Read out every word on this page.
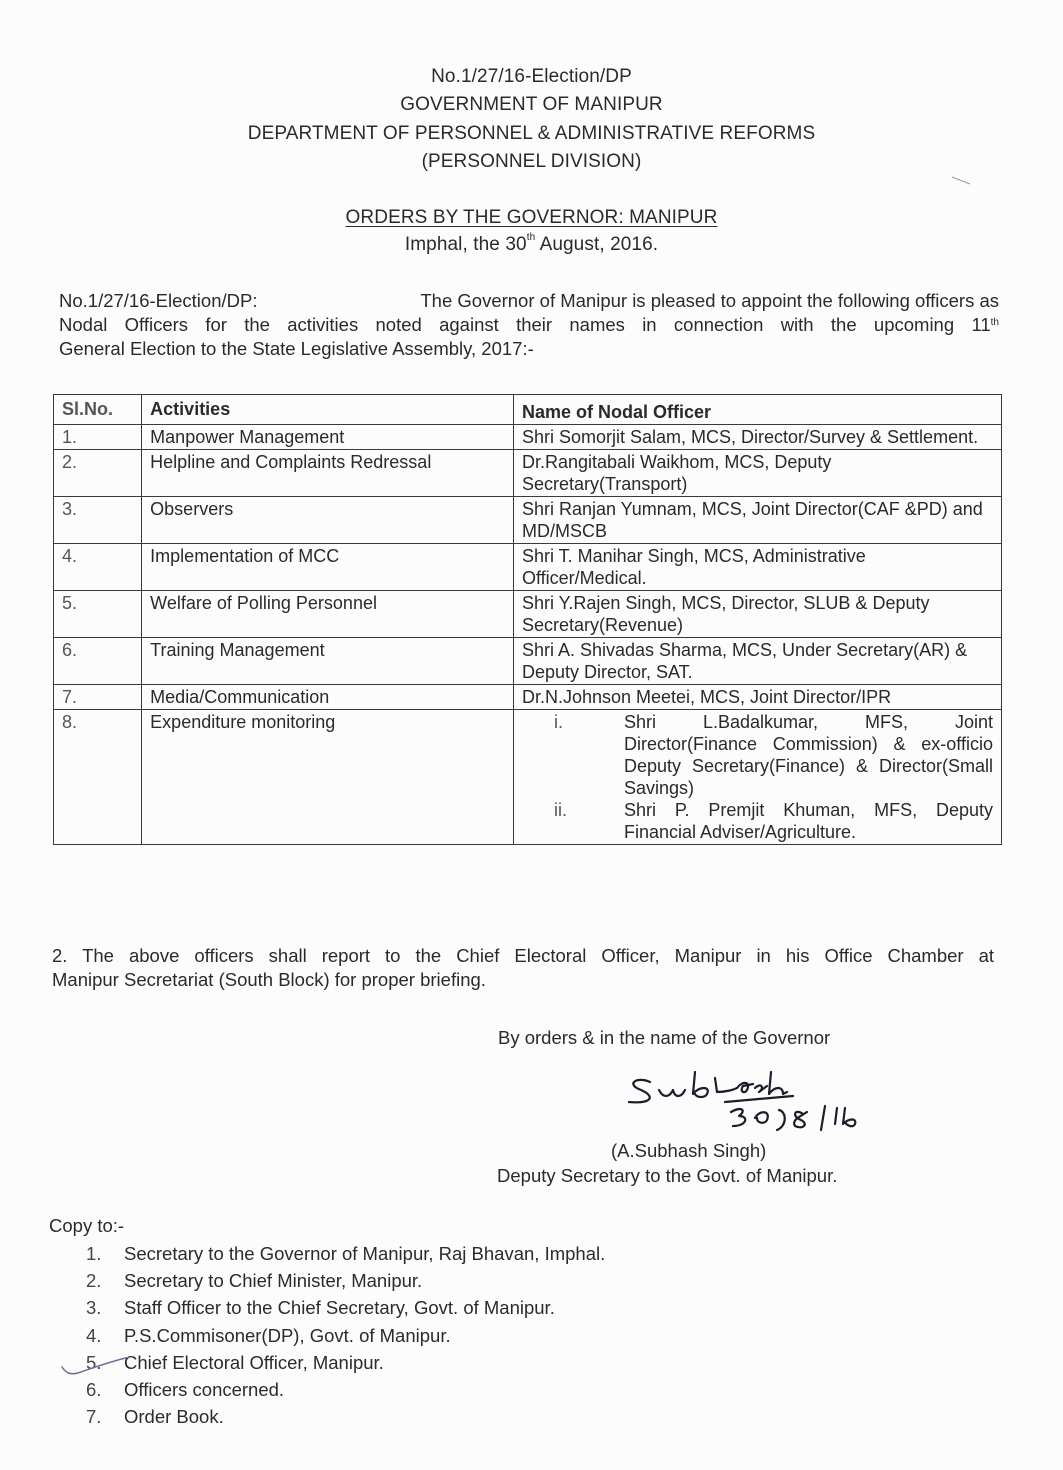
No.1/27/16-Election/DP
GOVERNMENT OF MANIPUR
DEPARTMENT OF PERSONNEL & ADMINISTRATIVE REFORMS
(PERSONNEL DIVISION)
ORDERS BY THE GOVERNOR: MANIPUR
Imphal, the 30th August, 2016.
No.1/27/16-Election/DP:	The Governor of Manipur is pleased to appoint the following officers as
Nodal Officers for the activities noted against their names in connection with the upcoming 11th
General Election to the State Legislative Assembly, 2017:-
Sl.No.	Activities	Name of Nodal Officer
1.	Manpower Management	Shri Somorjit Salam, MCS, Director/Survey & Settlement.
2.	Helpline and Complaints Redressal	Dr.Rangitabali Waikhom, MCS, Deputy Secretary(Transport)
3.	Observers	Shri Ranjan Yumnam, MCS, Joint Director(CAF &PD) and MD/MSCB
4.	Implementation of MCC	Shri T. Manihar Singh, MCS, Administrative Officer/Medical.
5.	Welfare of Polling Personnel	Shri Y.Rajen Singh, MCS, Director, SLUB & Deputy Secretary(Revenue)
6.	Training Management	Shri A. Shivadas Sharma, MCS, Under Secretary(AR) & Deputy Director, SAT.
7.	Media/Communication	Dr.N.Johnson Meetei, MCS, Joint Director/IPR
8.	Expenditure monitoring	i. Shri L.Badalkumar, MFS, Joint Director(Finance Commission) & ex-officio Deputy Secretary(Finance) & Director(Small Savings)
ii. Shri P. Premjit Khuman, MFS, Deputy Financial Adviser/Agriculture.
2. The above officers shall report to the Chief Electoral Officer, Manipur in his Office Chamber at
Manipur Secretariat (South Block) for proper briefing.
By orders & in the name of the Governor
(A.Subhash Singh)
Deputy Secretary to the Govt. of Manipur.
Copy to:-
1.	Secretary to the Governor of Manipur, Raj Bhavan, Imphal.
2.	Secretary to Chief Minister, Manipur.
3.	Staff Officer to the Chief Secretary, Govt. of Manipur.
4.	P.S.Commisoner(DP), Govt. of Manipur.
5.	Chief Electoral Officer, Manipur.
6.	Officers concerned.
7.	Order Book.
